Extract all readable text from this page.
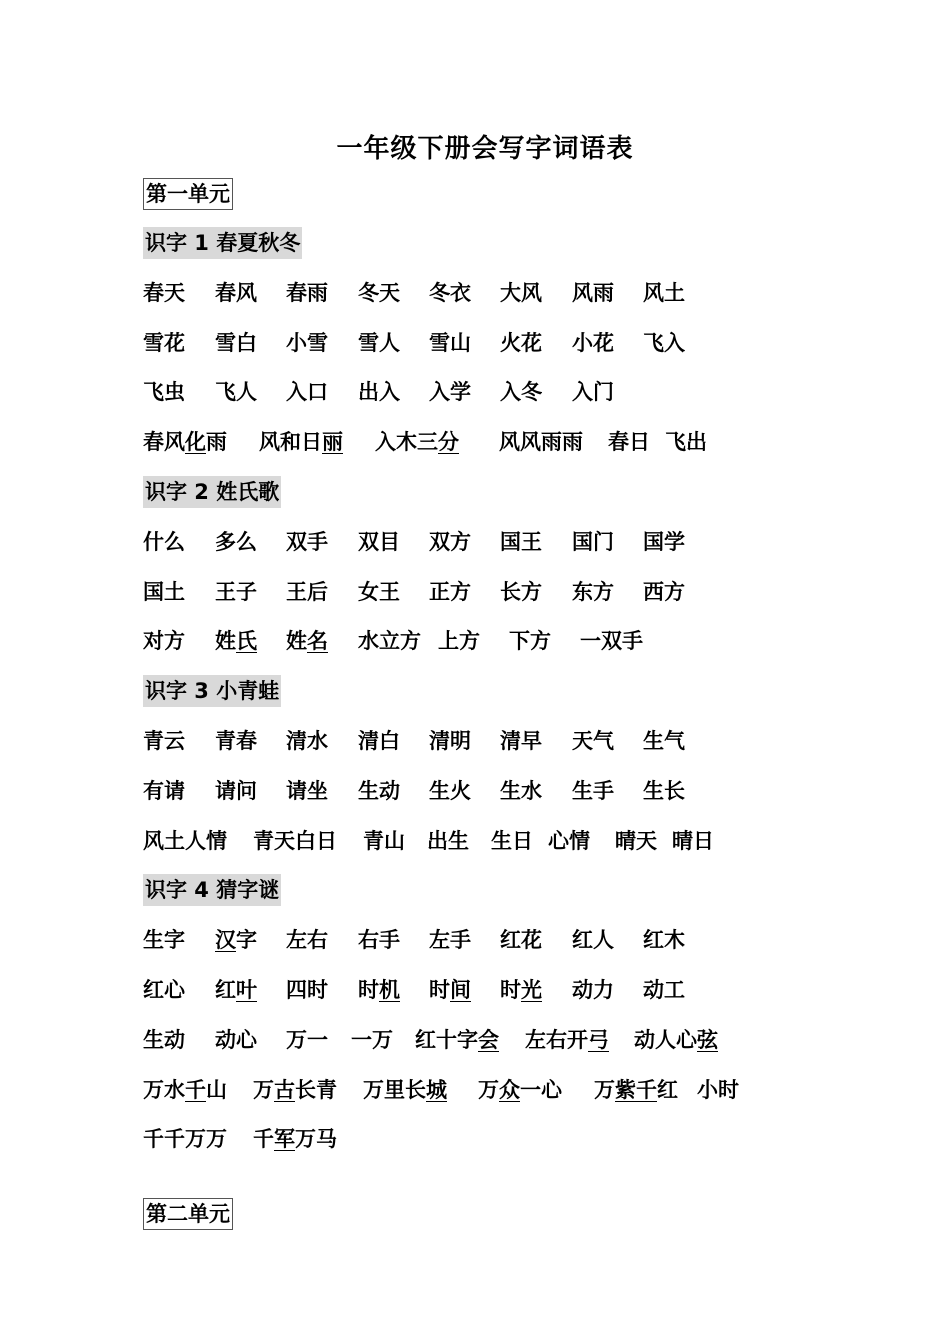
一年级下册会写字词语表
第一单元
识字 1 春夏秋冬
春天 春风 春雨 冬天 冬衣 大风 风雨 风土
雪花 雪白 小雪 雪人 雪山 火花 小花 飞入
飞虫 飞人 入口 出入 入学 入冬 入门
春风化雨 风和日丽 入木三分 风风雨雨 春日 飞出
识字 2 姓氏歌
什么 多么 双手 双目 双方 国王 国门 国学
国土 王子 王后 女王 正方 长方 东方 西方
对方 姓氏 姓名 水立方 上方 下方 一双手
识字 3 小青蛙
青云 青春 清水 清白 清明 清早 天气 生气
有请 请问 请坐 生动 生火 生水 生手 生长
风土人情 青天白日 青山 出生 生日 心情 晴天 晴日
识字 4 猜字谜
生字 汉字 左右 右手 左手 红花 红人 红木
红心 红叶 四时 时机 时间 时光 动力 动工
生动 动心 万一 一万 红十字会 左右开弓 动人心弦
万水千山 万古长青 万里长城 万众一心 万紫千红 小时
千千万万 千军万马
第二单元
